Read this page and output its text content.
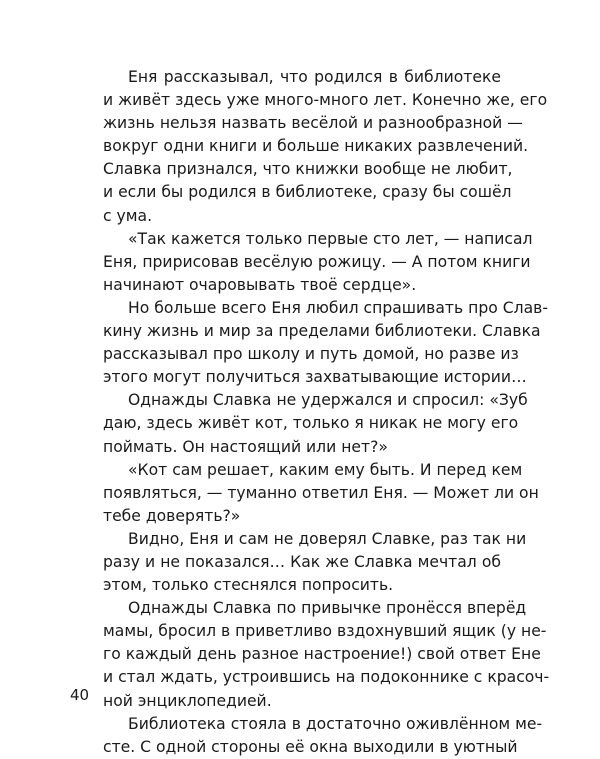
Еня рассказывал, что родился в библиотеке
и живёт здесь уже много-много лет. Конечно же, его
жизнь нельзя назвать весёлой и разнообразной —
вокруг одни книги и больше никаких развлечений.
Славка признался, что книжки вообще не любит,
и если бы родился в библиотеке, сразу бы сошёл
с ума.
«Так кажется только первые сто лет, — написал
Еня, пририсовав весёлую рожицу. — А потом книги
начинают очаровывать твоё сердце».
Но больше всего Еня любил спрашивать про Слав-
кину жизнь и мир за пределами библиотеки. Славка
рассказывал про школу и путь домой, но разве из
этого могут получиться захватывающие истории…
Однажды Славка не удержался и спросил: «Зуб
даю, здесь живёт кот, только я никак не могу его
поймать. Он настоящий или нет?»
«Кот сам решает, каким ему быть. И перед кем
появляться, — туманно ответил Еня. — Может ли он
тебе доверять?»
Видно, Еня и сам не доверял Славке, раз так ни
разу и не показался… Как же Славка мечтал об
этом, только стеснялся попросить.
Однажды Славка по привычке пронёсся вперёд
мамы, бросил в приветливо вздохнувший ящик (у не-
го каждый день разное настроение!) свой ответ Ене
и стал ждать, устроившись на подоконнике с красоч-
ной энциклопедией.
Библиотека стояла в достаточно оживлённом ме-
сте. С одной стороны её окна выходили в уютный
40
